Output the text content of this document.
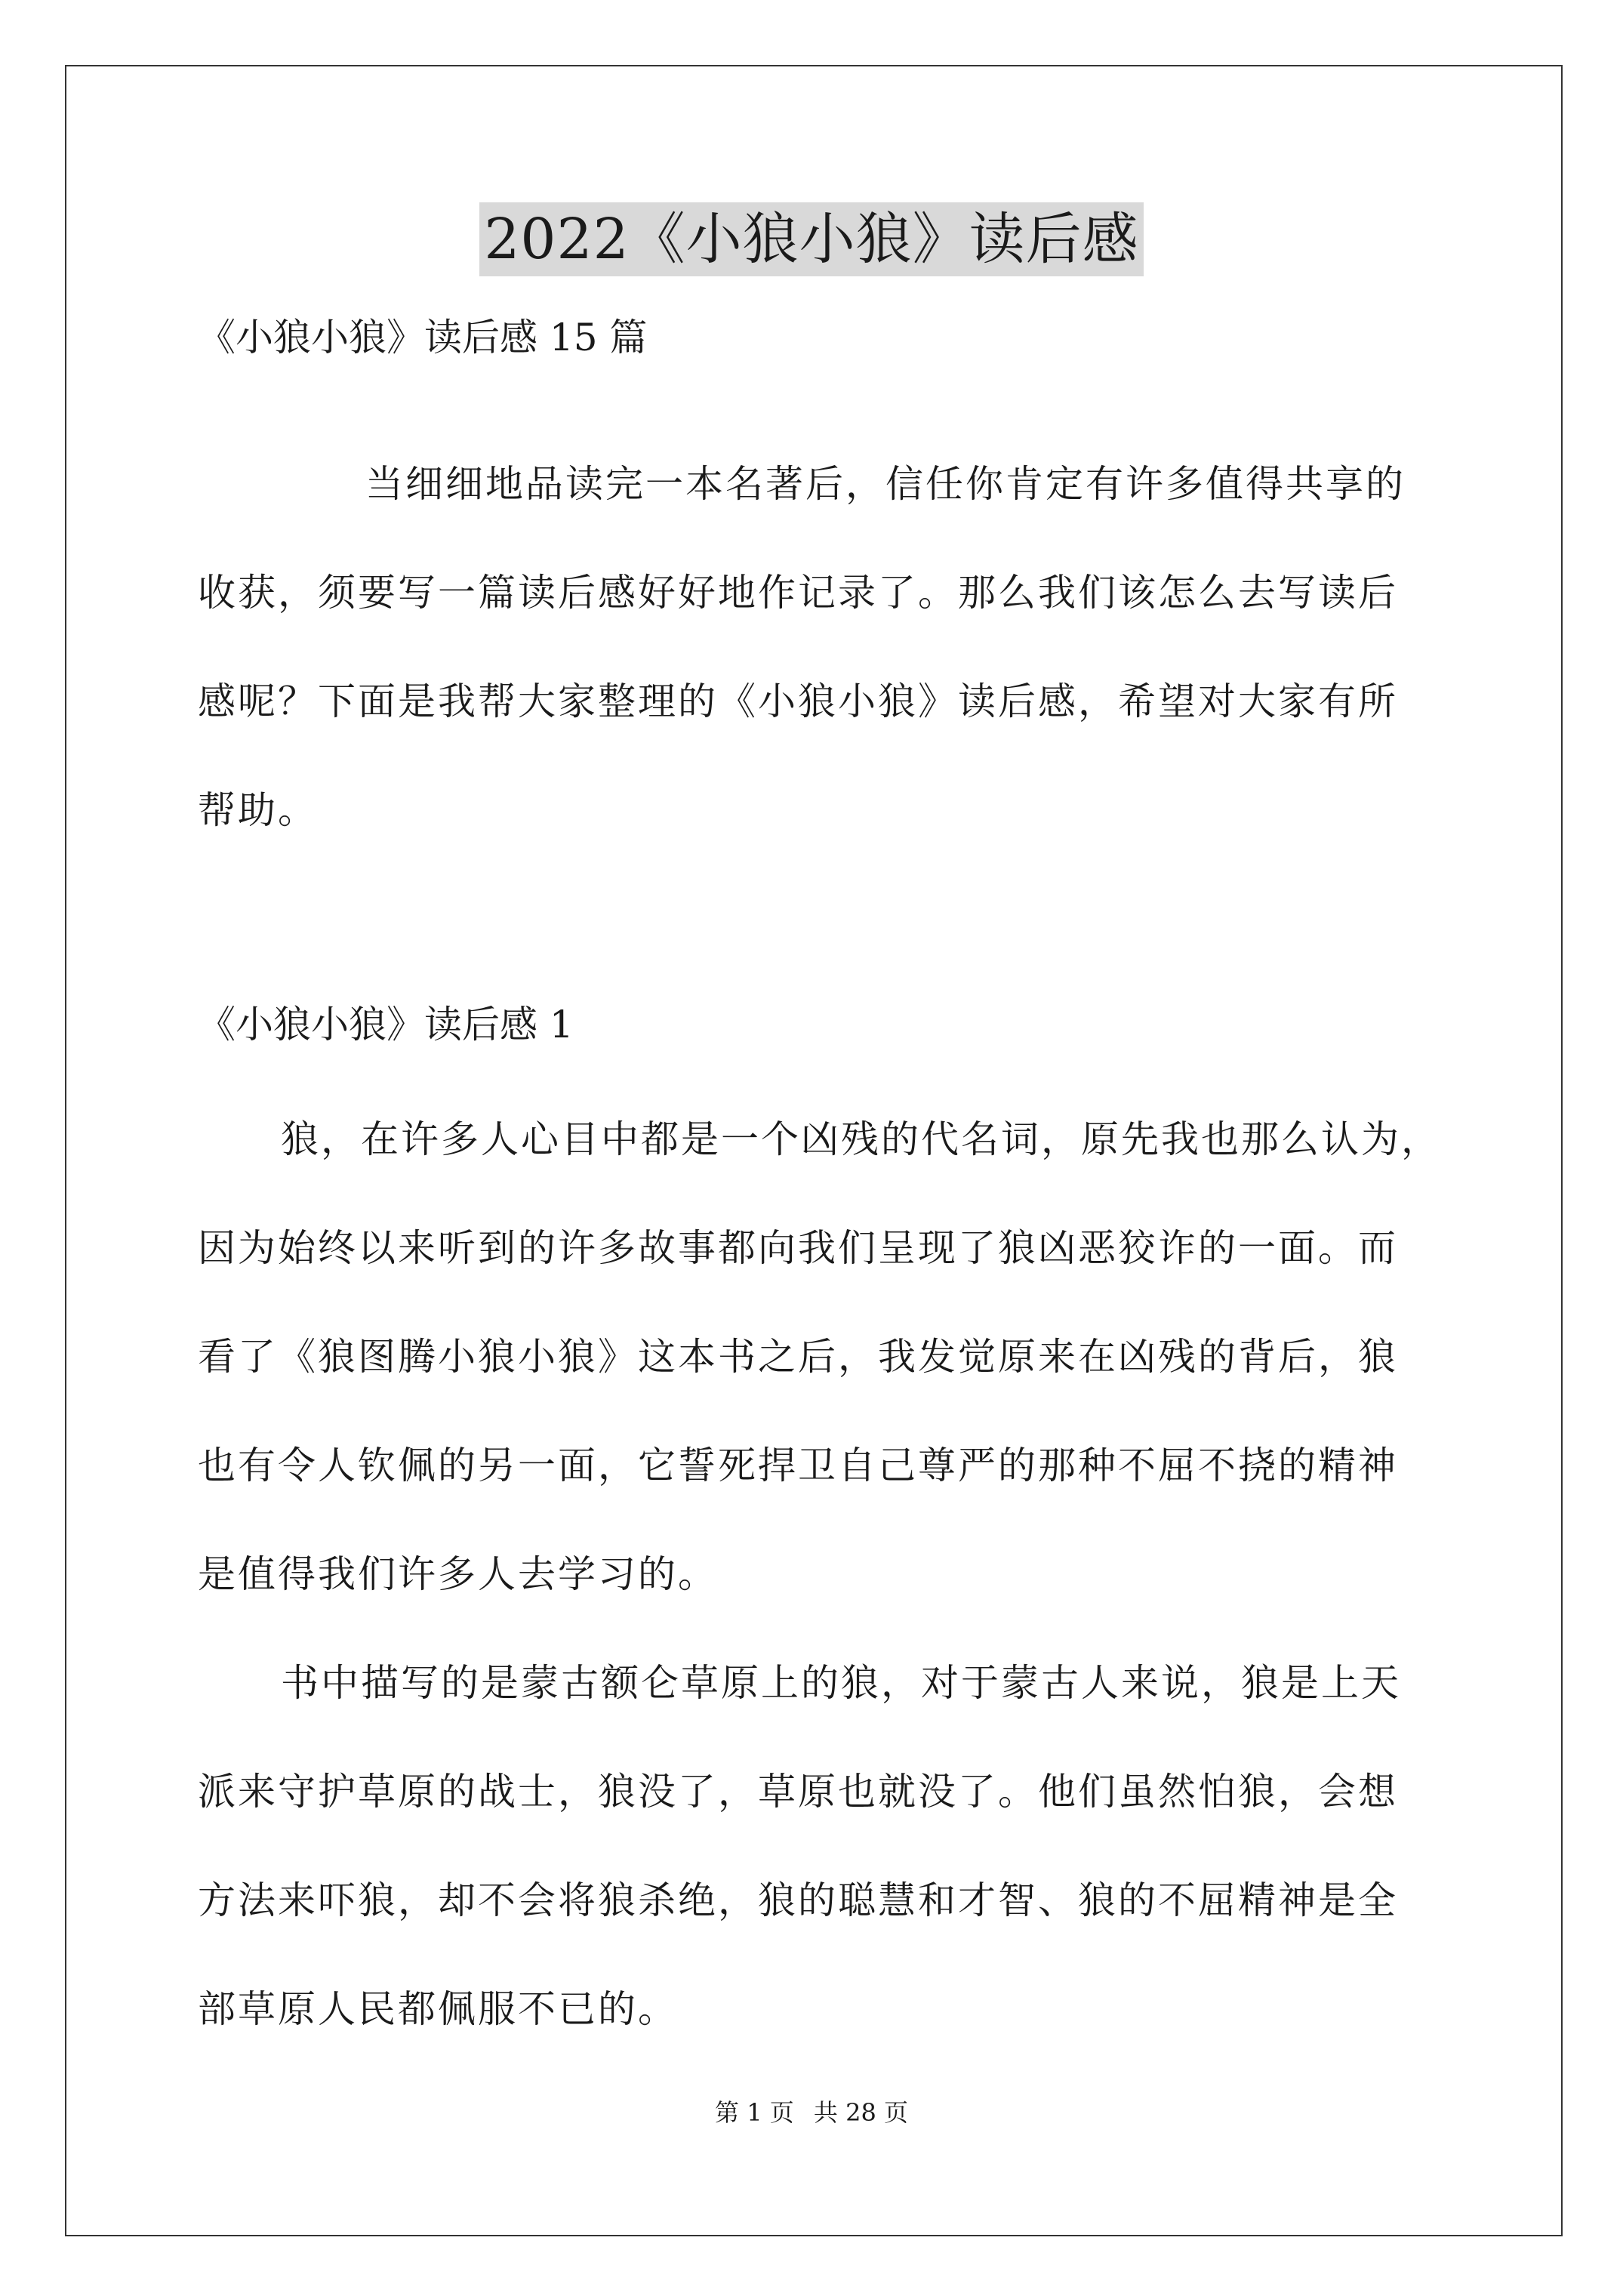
2022《小狼小狼》读后感
《小狼小狼》读后感 15 篇
当细细地品读完一本名著后，信任你肯定有许多值得共享的
收获，须要写一篇读后感好好地作记录了。那么我们该怎么去写读后
感呢？下面是我帮大家整理的《小狼小狼》读后感，希望对大家有所
帮助。
《小狼小狼》读后感 1
狼，在许多人心目中都是一个凶残的代名词，原先我也那么认为，
因为始终以来听到的许多故事都向我们呈现了狼凶恶狡诈的一面。而
看了《狼图腾小狼小狼》这本书之后，我发觉原来在凶残的背后，狼
也有令人钦佩的另一面，它誓死捍卫自己尊严的那种不屈不挠的精神
是值得我们许多人去学习的。
书中描写的是蒙古额仑草原上的狼，对于蒙古人来说，狼是上天
派来守护草原的战士，狼没了，草原也就没了。他们虽然怕狼，会想
方法来吓狼，却不会将狼杀绝，狼的聪慧和才智、狼的不屈精神是全
部草原人民都佩服不已的。
第 1 页 共 28 页
